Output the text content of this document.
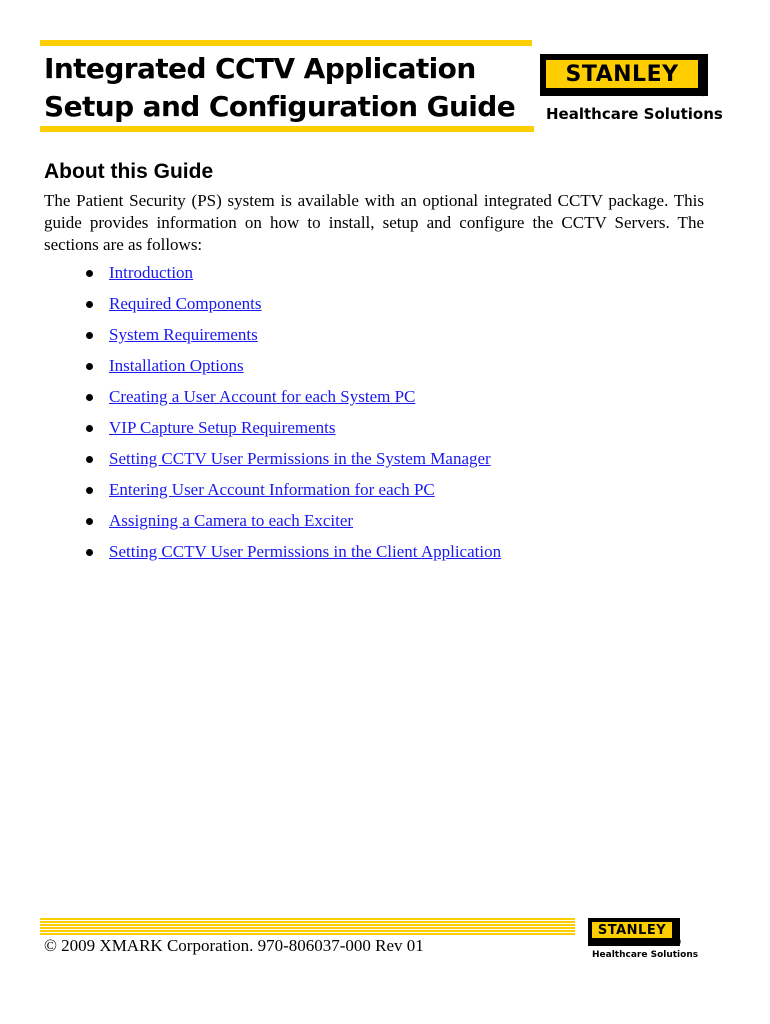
Integrated CCTV Application
Setup and Configuration Guide
STANLEY
®
Healthcare Solutions
About this Guide
The Patient Security (PS) system is available with an optional integrated CCTV package. This guide provides information on how to install, setup and configure the CCTV Servers. The sections are as follows:
Introduction
Required Components
System Requirements
Installation Options
Creating a User Account for each System PC
VIP Capture Setup Requirements
Setting CCTV User Permissions in the System Manager
Entering User Account Information for each PC
Assigning a Camera to each Exciter
Setting CCTV User Permissions in the Client Application
© 2009 XMARK Corporation. 970-806037-000 Rev 01
STANLEY
®
Healthcare Solutions
